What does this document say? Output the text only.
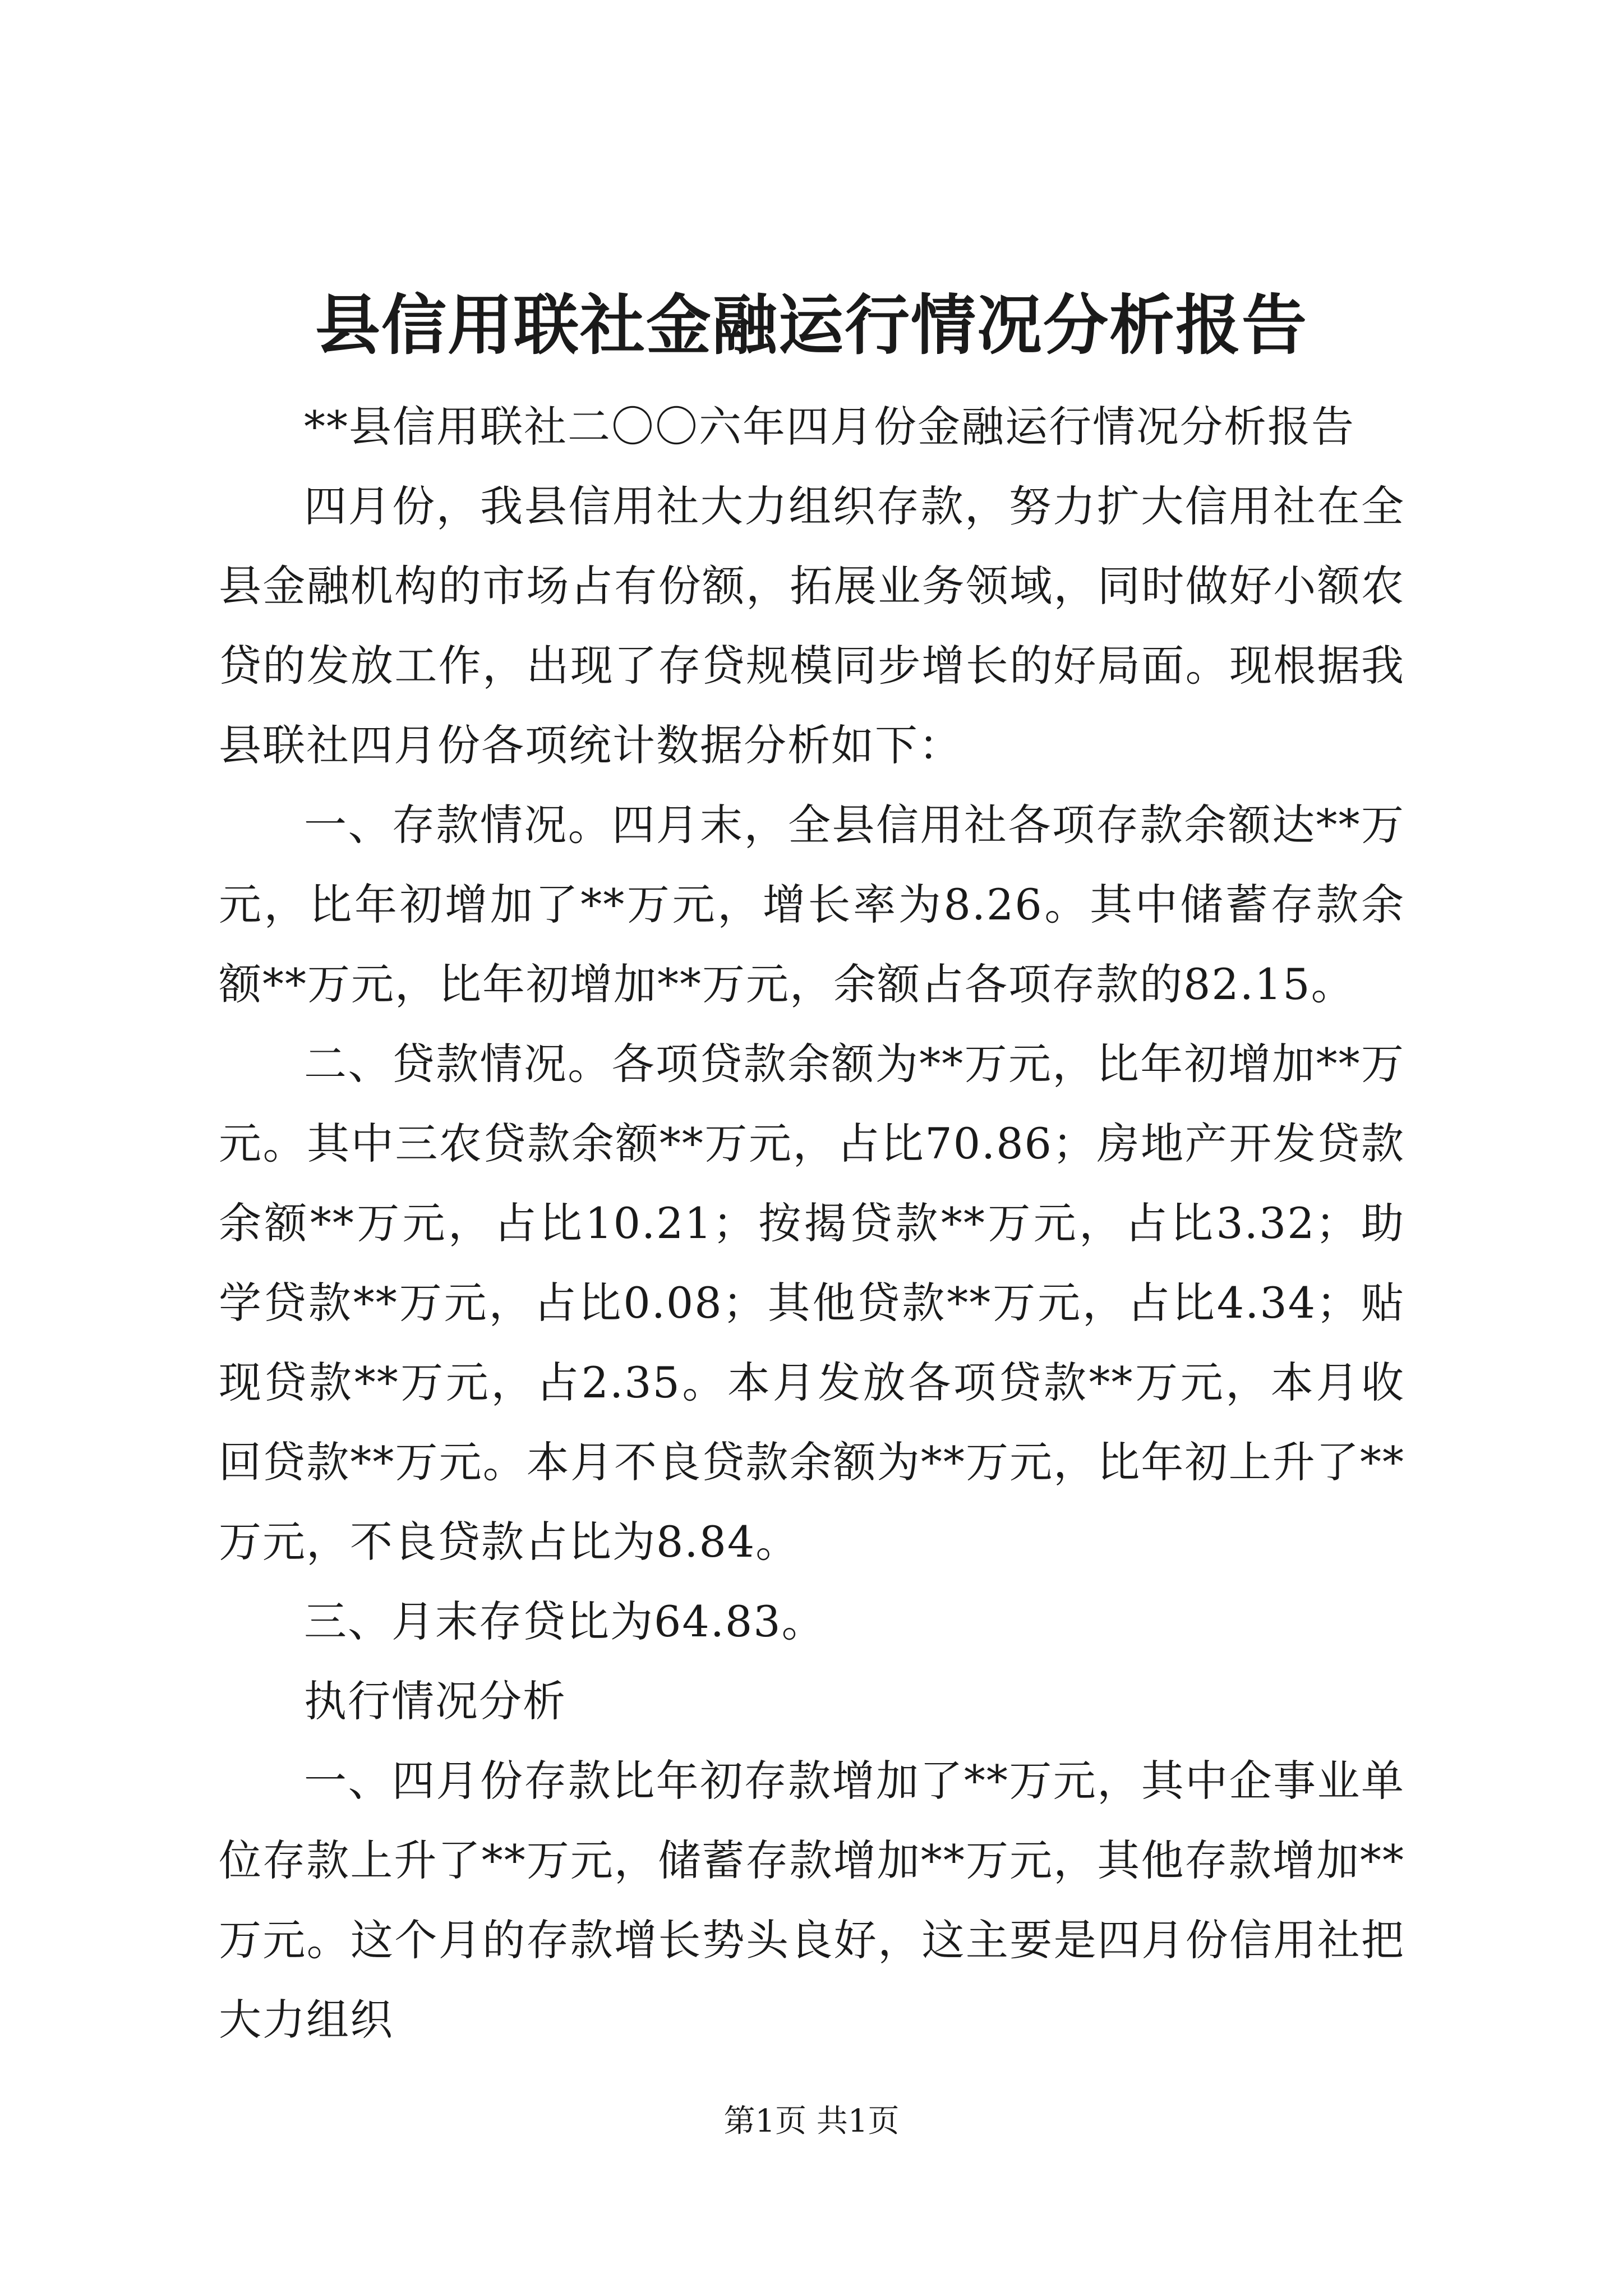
县信用联社金融运行情况分析报告

**县信用联社二〇〇六年四月份金融运行情况分析报告

四月份，我县信用社大力组织存款，努力扩大信用社在全县金融机构的市场占有份额，拓展业务领域，同时做好小额农贷的发放工作，出现了存贷规模同步增长的好局面。现根据我县联社四月份各项统计数据分析如下：

一、存款情况。四月末，全县信用社各项存款余额达**万元，比年初增加了**万元，增长率为8.26。其中储蓄存款余额**万元，比年初增加**万元，余额占各项存款的82.15。

二、贷款情况。各项贷款余额为**万元，比年初增加**万元。其中三农贷款余额**万元，占比70.86；房地产开发贷款余额**万元，占比10.21；按揭贷款**万元，占比3.32；助学贷款**万元，占比0.08；其他贷款**万元，占比4.34；贴现贷款**万元，占2.35。本月发放各项贷款**万元，本月收回贷款**万元。本月不良贷款余额为**万元，比年初上升了**万元，不良贷款占比为8.84。

三、月末存贷比为64.83。

执行情况分析

一、四月份存款比年初存款增加了**万元，其中企事业单位存款上升了**万元，储蓄存款增加**万元，其他存款增加**万元。这个月的存款增长势头良好，这主要是四月份信用社把大力组织

第1页 共1页
